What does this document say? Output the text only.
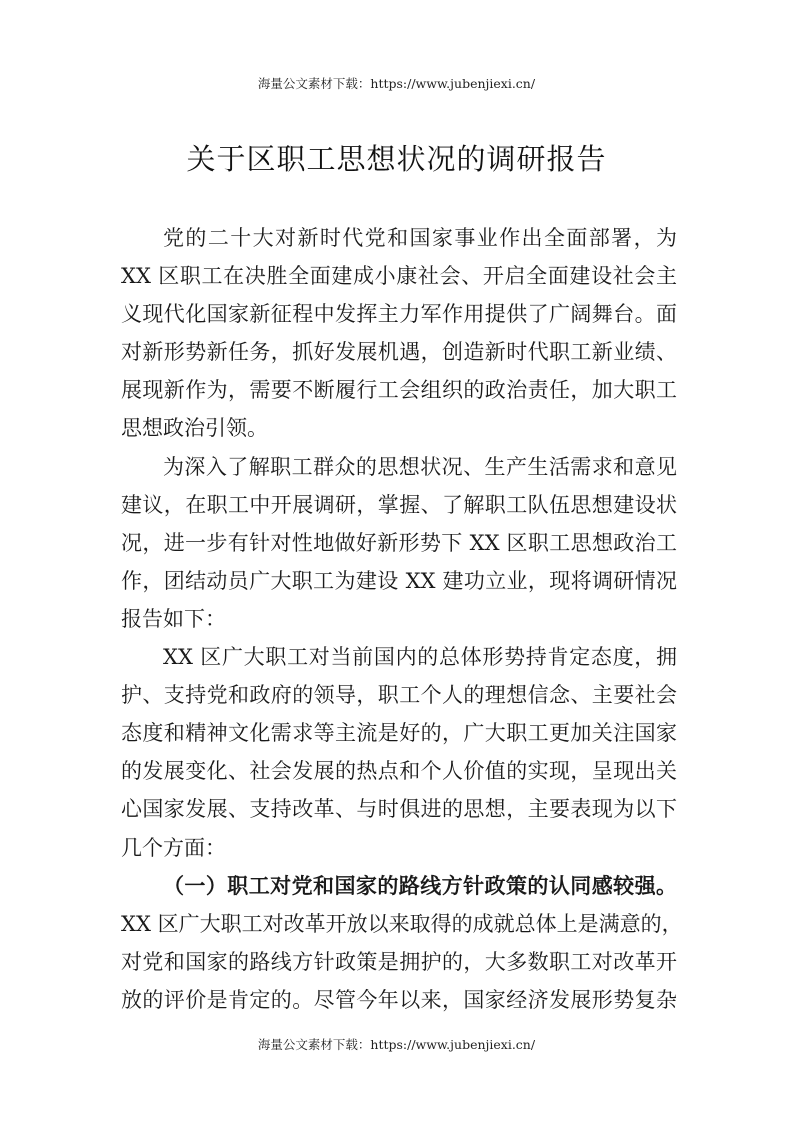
海量公文素材下载：https://www.jubenjiexi.cn/
关于区职工思想状况的调研报告
党的二十大对新时代党和国家事业作出全面部署，为
XX 区职工在决胜全面建成小康社会、开启全面建设社会主
义现代化国家新征程中发挥主力军作用提供了广阔舞台。面
对新形势新任务，抓好发展机遇，创造新时代职工新业绩、
展现新作为，需要不断履行工会组织的政治责任，加大职工
思想政治引领。
为深入了解职工群众的思想状况、生产生活需求和意见
建议，在职工中开展调研，掌握、了解职工队伍思想建设状
况，进一步有针对性地做好新形势下 XX 区职工思想政治工
作，团结动员广大职工为建设 XX 建功立业，现将调研情况
报告如下：
XX 区广大职工对当前国内的总体形势持肯定态度，拥
护、支持党和政府的领导，职工个人的理想信念、主要社会
态度和精神文化需求等主流是好的，广大职工更加关注国家
的发展变化、社会发展的热点和个人价值的实现，呈现出关
心国家发展、支持改革、与时俱进的思想，主要表现为以下
几个方面：
（一）职工对党和国家的路线方针政策的认同感较强。
XX 区广大职工对改革开放以来取得的成就总体上是满意的，
对党和国家的路线方针政策是拥护的，大多数职工对改革开
放的评价是肯定的。尽管今年以来，国家经济发展形势复杂
海量公文素材下载：https://www.jubenjiexi.cn/
